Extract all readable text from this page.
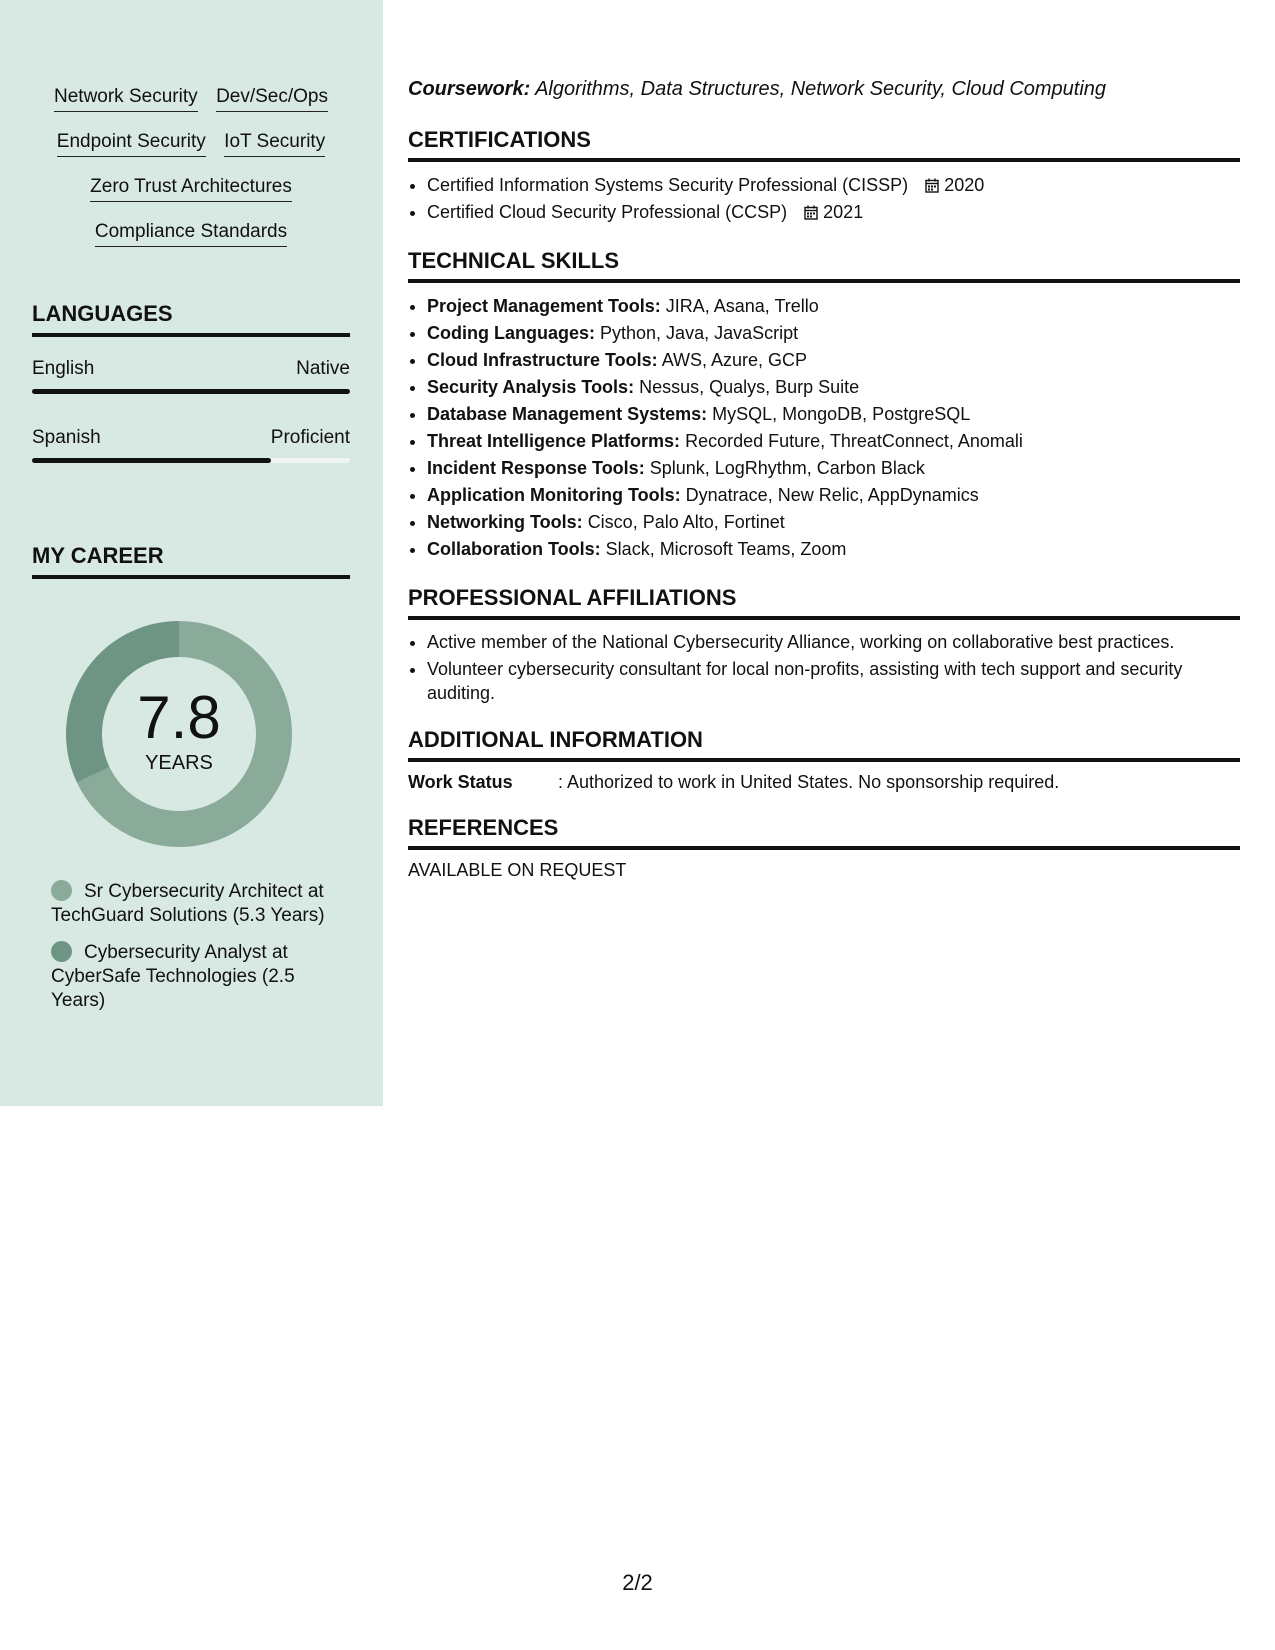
Network Security Dev/Sec/Ops
Endpoint Security IoT Security
Zero Trust Architectures
Compliance Standards
LANGUAGES
English	Native
Spanish	Proficient
MY CAREER
7.8
YEARS
Sr Cybersecurity Architect at TechGuard Solutions (5.3 Years)
Cybersecurity Analyst at CyberSafe Technologies (2.5 Years)
Coursework: Algorithms, Data Structures, Network Security, Cloud Computing
CERTIFICATIONS
• Certified Information Systems Security Professional (CISSP) 2020
• Certified Cloud Security Professional (CCSP) 2021
TECHNICAL SKILLS
• Project Management Tools: JIRA, Asana, Trello
• Coding Languages: Python, Java, JavaScript
• Cloud Infrastructure Tools: AWS, Azure, GCP
• Security Analysis Tools: Nessus, Qualys, Burp Suite
• Database Management Systems: MySQL, MongoDB, PostgreSQL
• Threat Intelligence Platforms: Recorded Future, ThreatConnect, Anomali
• Incident Response Tools: Splunk, LogRhythm, Carbon Black
• Application Monitoring Tools: Dynatrace, New Relic, AppDynamics
• Networking Tools: Cisco, Palo Alto, Fortinet
• Collaboration Tools: Slack, Microsoft Teams, Zoom
PROFESSIONAL AFFILIATIONS
• Active member of the National Cybersecurity Alliance, working on collaborative best practices.
• Volunteer cybersecurity consultant for local non-profits, assisting with tech support and security auditing.
ADDITIONAL INFORMATION
Work Status	: Authorized to work in United States. No sponsorship required.
REFERENCES
AVAILABLE ON REQUEST
2/2
